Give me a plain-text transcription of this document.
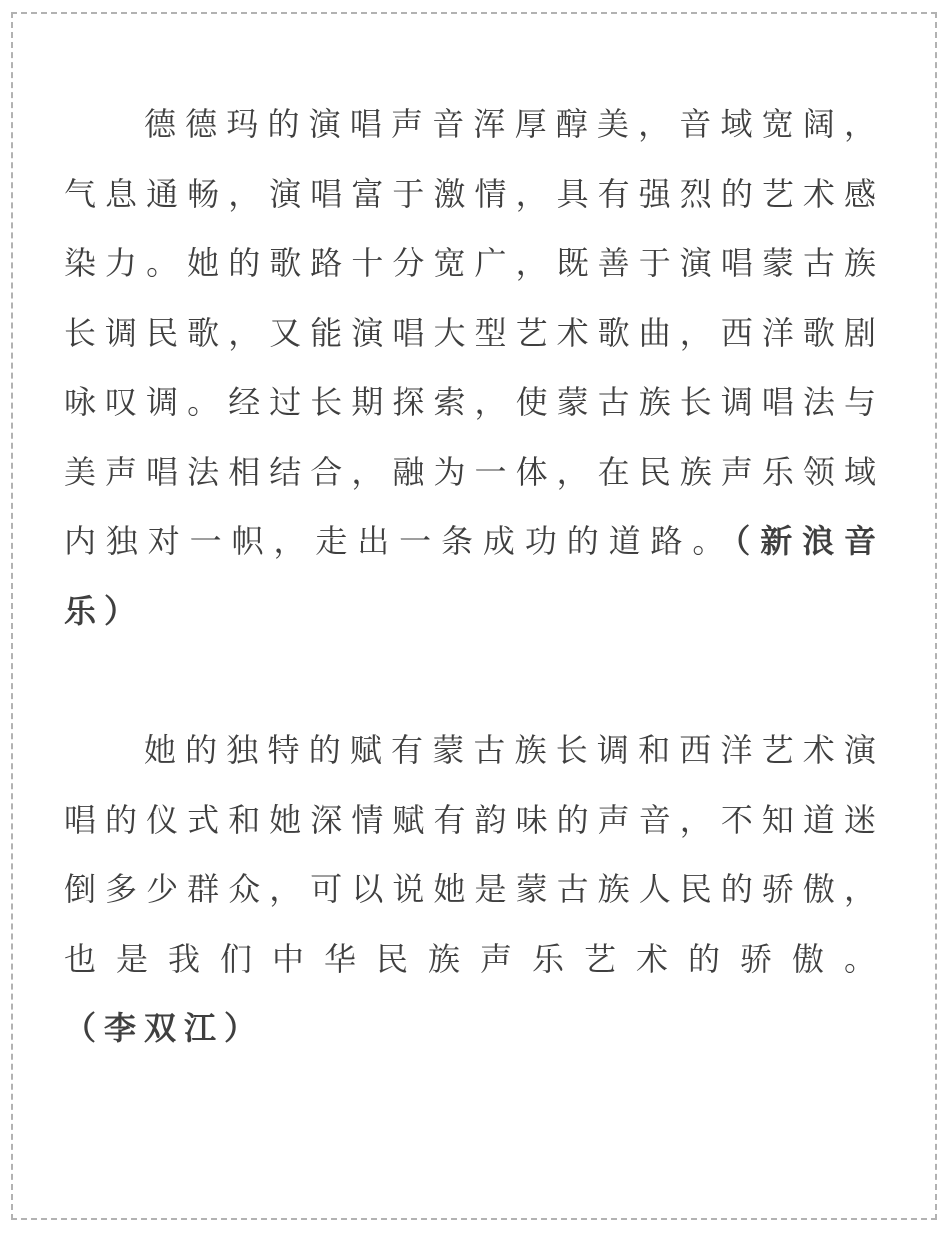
德德玛的演唱声音浑厚醇美，音域宽阔，气息通畅，演唱富于激情，具有强烈的艺术感染力。她的歌路十分宽广，既善于演唱蒙古族长调民歌，又能演唱大型艺术歌曲，西洋歌剧咏叹调。经过长期探索，使蒙古族长调唱法与美声唱法相结合，融为一体，在民族声乐领域内独对一帜，走出一条成功的道路。（新浪音乐）

她的独特的赋有蒙古族长调和西洋艺术演唱的仪式和她深情赋有韵味的声音，不知道迷倒多少群众，可以说她是蒙古族人民的骄傲，也是我们中华民族声乐艺术的骄傲。（李双江）
